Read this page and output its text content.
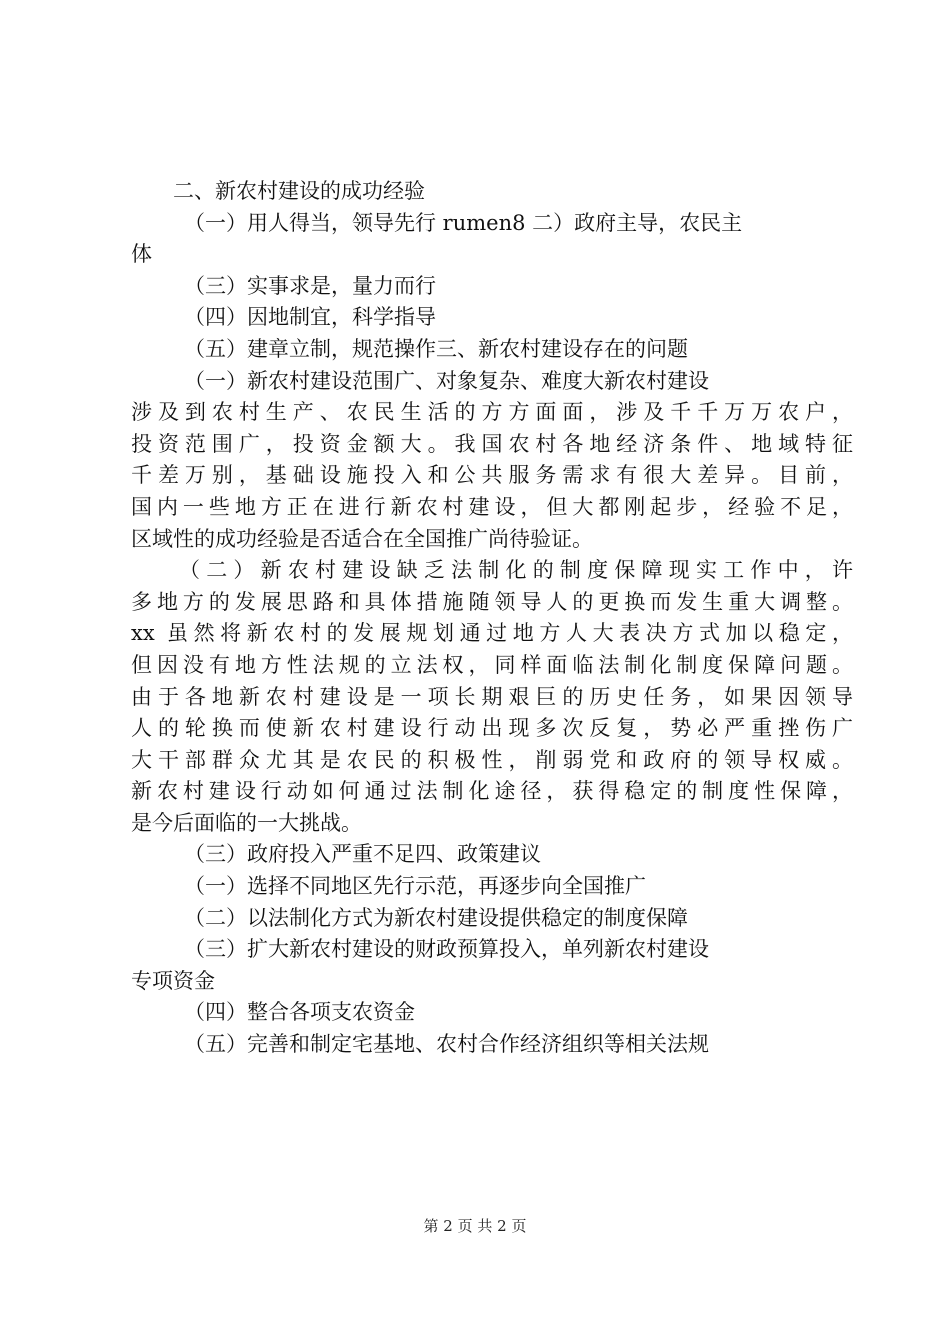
二、新农村建设的成功经验

（一）用人得当，领导先行 rumen8 二）政府主导，农民主

体

（三）实事求是，量力而行

（四）因地制宜，科学指导

（五）建章立制，规范操作三、新农村建设存在的问题

（一）新农村建设范围广、对象复杂、难度大新农村建设

涉及到农村生产、农民生活的方方面面，涉及千千万万农户，

投资范围广，投资金额大。我国农村各地经济条件、地域特征

千差万别，基础设施投入和公共服务需求有很大差异。目前，

国内一些地方正在进行新农村建设，但大都刚起步，经验不足，

区域性的成功经验是否适合在全国推广尚待验证。

（二）新农村建设缺乏法制化的制度保障现实工作中，许

多地方的发展思路和具体措施随领导人的更换而发生重大调整。

xx 虽然将新农村的发展规划通过地方人大表决方式加以稳定，

但因没有地方性法规的立法权，同样面临法制化制度保障问题。

由于各地新农村建设是一项长期艰巨的历史任务，如果因领导

人的轮换而使新农村建设行动出现多次反复，势必严重挫伤广

大干部群众尤其是农民的积极性，削弱党和政府的领导权威。

新农村建设行动如何通过法制化途径，获得稳定的制度性保障，

是今后面临的一大挑战。

（三）政府投入严重不足四、政策建议

（一）选择不同地区先行示范，再逐步向全国推广

（二）以法制化方式为新农村建设提供稳定的制度保障

（三）扩大新农村建设的财政预算投入，单列新农村建设

专项资金

（四）整合各项支农资金

（五）完善和制定宅基地、农村合作经济组织等相关法规

第 2 页 共 2 页
